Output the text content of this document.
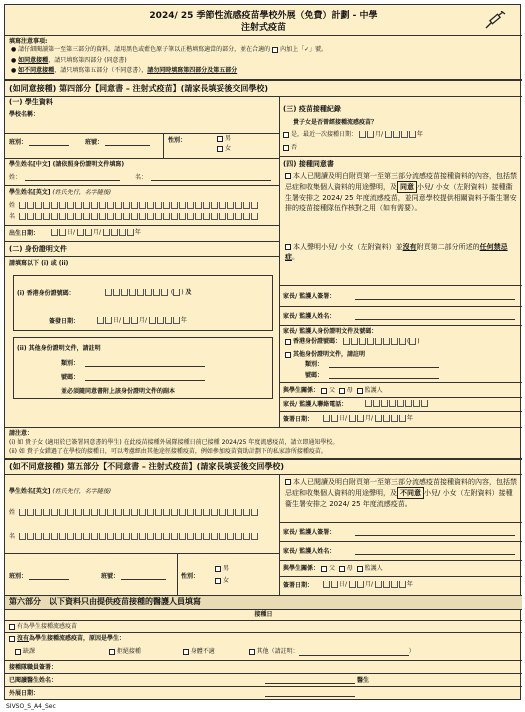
2024/ 25 季節性流感疫苗學校外展（免費）計劃 - 中學
注射式疫苗
填寫注意事項:
● 請仔細閱讀第一至第三部分的資料，請用黑色或藍色原子筆以正楷填寫適當的部分，並在合適的 內加上「✓」號。
● 如同意接種，請只填寫第四部分 (同意書)
● 如不同意接種，請只填寫第五部分（不同意書），請勿同時填寫第四部分及第五部分
(如同意接種) 第四部分【同意書 – 注射式疫苗】(請家長填妥後交回學校)
(一) 學生資料
學校名稱：
班別：	班號：	性別：	男
女
學生姓名[中文] (請依照身份證明文件填寫)
姓：	名：
學生姓名[英文] (姓氏先行，名字隨後)
姓
名
出生日期：	日/	月/	年
(二) 身份證明文件
請填寫以下 (i) 或 (ii)
(i) 香港身份證號碼：	( ) 及
簽發日期：	日/	月/	年
(ii) 其他身份證明文件，請註明
類別：
號碼：
並必須隨同意書附上該身份證明文件的副本
(三) 疫苗接種紀錄
貴子女是否曾經接種流感疫苗？
是，最近一次接種日期：	月/	年
否
(四) 接種同意書
本人已閱讀及明白附頁第一至第三部分流感疫苗接種資料的內容，包括禁忌症和收集個人資料的用途聲明，及 同意 小兒/ 小女（左附資料）接種衞生署安排之 2024/ 25 年度流感疫苗，並同意學校提供相關資料予衞生署安排的疫苗接種隊伍作核對之用（如有需要）。
本人聲明小兒/ 小女（左附資料）並沒有附頁第二部分所述的任何禁忌症。
家長/ 監護人簽署：
家長/ 監護人姓名：
家長/ 監護人身份證明文件及號碼：
香港身份證號碼：	( )
其他身份證明文件，請註明
類別：
號碼：
與學生關係： 父 母 監護人
家長/ 監護人聯絡電話：
簽署日期：	日/	月/	年
請注意：
(i) 如 貴子女 (適用於已簽署同意書的學生) 在此疫苗接種外展隊接種日前已接種 2024/25 年度流感疫苗，請立即通知學校。
(ii) 如 貴子女錯過了在學校的接種日，可以考慮經由其他途徑接種疫苗，例如參加疫苗資助計劃下的私家診所接種疫苗。
(如不同意接種) 第五部分【不同意書 – 注射式疫苗】(請家長填妥後交回學校)
學生姓名[英文] (姓氏先行，名字隨後)
姓
名
班別：	班號：	性別：
男
女
本人已閱讀及明白附頁第一至第三部分流感疫苗接種資料的內容，包括禁忌症和收集個人資料的用途聲明，及 不同意 小兒/ 小女（左附資料）接種衞生署安排之 2024/ 25 年度流感疫苗。
家長/ 監護人簽署：
家長/ 監護人姓名：
與學生關係： 父 母 監護人
簽署日期：	日/	月/	年
第六部分　以下資料只由提供疫苗接種的醫護人員填寫
接種日
有為學生接種流感疫苗
沒有為學生接種流感疫苗，原因是學生：
缺課	拒絕接種	身體不適	其他（請註明：	）
接種隊職員簽署：
已閱讀醫生姓名：	醫生
外展日期：
SIVSO_S_A4_Sec
